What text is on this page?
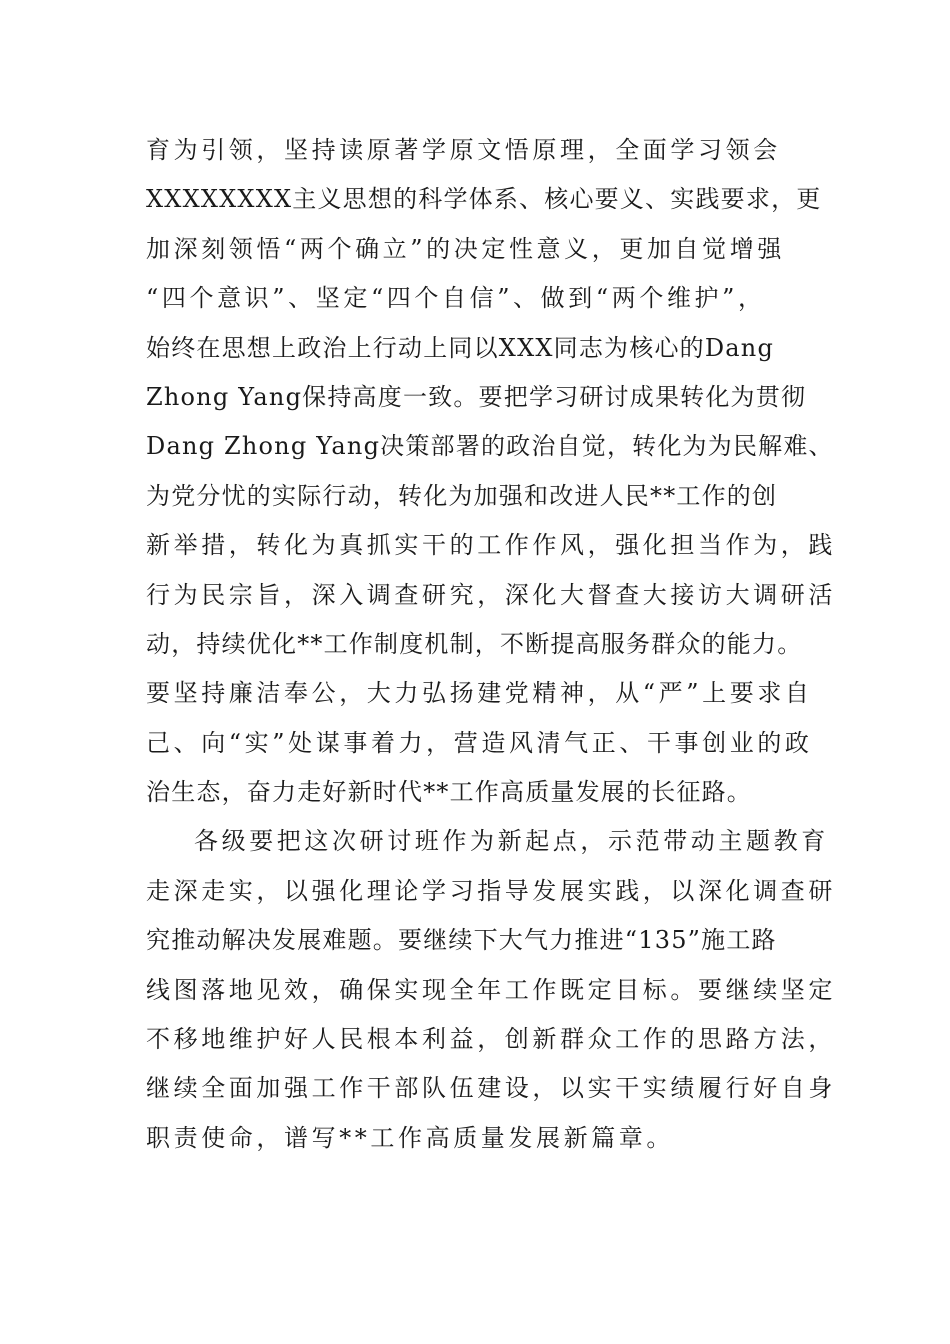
育为引领，坚持读原著学原文悟原理，全面学习领会
XXXXXXXX主义思想的科学体系、核心要义、实践要求，更
加深刻领悟“两个确立”的决定性意义，更加自觉增强
“四个意识”、坚定“四个自信”、做到“两个维护”，
始终在思想上政治上行动上同以XXX同志为核心的Dang
Zhong Yang保持高度一致。要把学习研讨成果转化为贯彻
Dang Zhong Yang决策部署的政治自觉，转化为为民解难、
为党分忧的实际行动，转化为加强和改进人民**工作的创
新举措，转化为真抓实干的工作作风，强化担当作为，践
行为民宗旨，深入调查研究，深化大督查大接访大调研活
动，持续优化**工作制度机制，不断提高服务群众的能力。
要坚持廉洁奉公，大力弘扬建党精神，从“严”上要求自
己、向“实”处谋事着力，营造风清气正、干事创业的政
治生态，奋力走好新时代**工作高质量发展的长征路。
各级要把这次研讨班作为新起点，示范带动主题教育
走深走实，以强化理论学习指导发展实践，以深化调查研
究推动解决发展难题。要继续下大气力推进“135”施工路
线图落地见效，确保实现全年工作既定目标。要继续坚定
不移地维护好人民根本利益，创新群众工作的思路方法，
继续全面加强工作干部队伍建设，以实干实绩履行好自身
职责使命，谱写**工作高质量发展新篇章。
